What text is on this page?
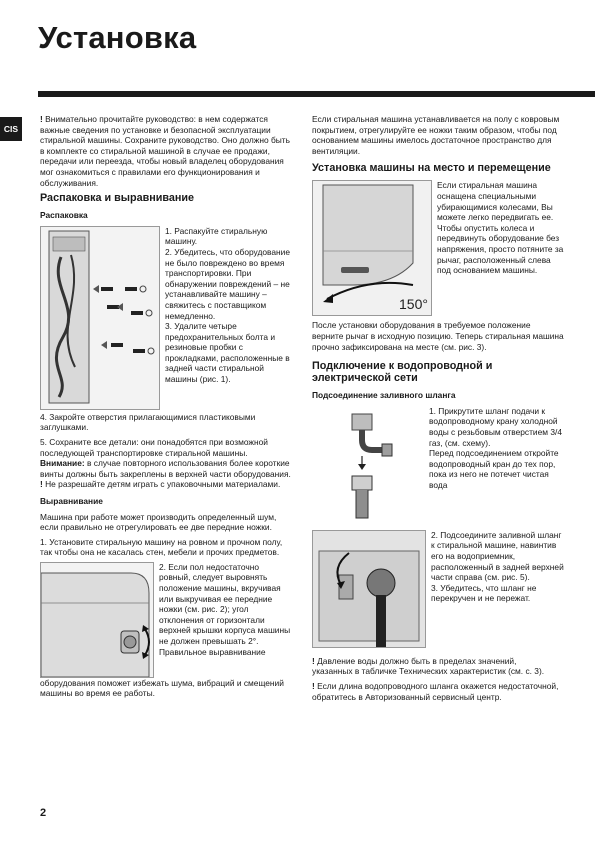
Установка
CIS

! Внимательно прочитайте руководство: в нем содержатся важные сведения по установке и безопасной эксплуатации стиральной машины. Сохраните руководство. Оно должно быть в комплекте со стиральной машиной в случае ее продажи, передачи или переезда, чтобы новый владелец оборудования мог ознакомиться с правилами его функционирования и обслуживания.

Распаковка и выравнивание
Распаковка

1. Распакуйте стиральную машину.
2. Убедитесь, что оборудование не было повреждено во время транспортировки. При обнаружении повреждений – не устанавливайте машину – свяжитесь с поставщиком немедленно.
3. Удалите четыре предохранительных болта и резиновые пробки с прокладками, расположенные в задней части стиральной машины (рис. 1).

4. Закройте отверстия прилагающимися пластиковыми заглушками.

5. Сохраните все детали: они понадобятся при возможной последующей транспортировке стиральной машины.

Внимание: в случае повторного использования более короткие винты должны быть закреплены в верхней части оборудования.

! Не разрешайте детям играть с упаковочными материалами.

Выравнивание

Машина при работе может производить определенный шум, если правильно не отрегулировать ее две передние ножки.

1. Установите стиральную машину на ровном и прочном полу, так чтобы она не касалась стен, мебели и прочих предметов.

2. Если пол недостаточно ровный, следует выровнять положение машины, вкручивая или выкручивая ее передние ножки (см. рис. 2); угол отклонения от горизонтали верхней крышки корпуса машины не должен превышать 2°.
Правильное выравнивание

оборудования поможет избежать шума, вибраций и смещений машины во время ее работы.

Если стиральная машина устанавливается на полу с ковровым покрытием, отрегулируйте ее ножки таким образом, чтобы под основанием машины имелось достаточное пространство для вентиляции.

Установка машины на место и перемещение
150°

Если стиральная машина оснащена специальными убирающимися колесами, Вы можете легко передвигать ее. Чтобы опустить колеса и передвинуть оборудование без напряжения, просто потяните за рычаг, расположенный слева под основанием машины.

После установки оборудования в требуемое положение верните рычаг в исходную позицию. Теперь стиральная машина прочно зафиксирована на месте (см. рис. 3).

Подключение к водопроводной и электрической сети
Подсоединение заливного шланга

1. Прикрутите шланг подачи к водопроводному крану холодной воды с резьбовым отверстием 3/4 газ, (см. схему).
Перед подсоединением откройте водопроводный кран до тех пор, пока из него не потечет чистая вода

2. Подсоедините заливной шланг к стиральной машине, навинтив его на водоприемник, расположенный в задней верхней части справа (см. рис. 5).
3. Убедитесь, что шланг не перекручен и не пережат.

! Давление воды должно быть в пределах значений,
указанных в табличке Технических характеристик (см. с. 3).

! Если длина водопроводного шланга окажется недостаточной, обратитесь в Авторизованный сервисный центр.

2
